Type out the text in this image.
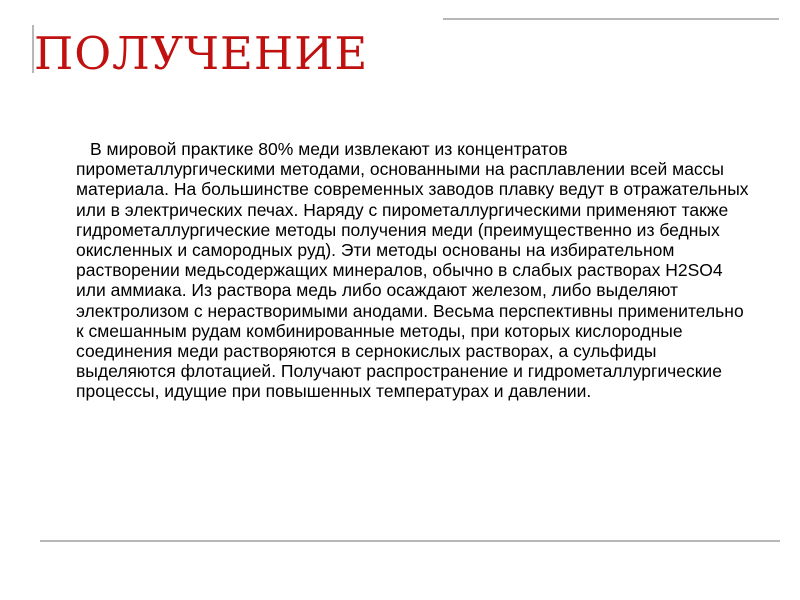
ПОЛУЧЕНИЕ

В мировой практике 80% меди извлекают из концентратов пирометаллургическими методами, основанными на расплавлении всей массы материала. На большинстве современных заводов плавку ведут в отражательных или в электрических печах. Наряду с пирометаллургическими применяют также гидрометаллургические методы получения меди (преимущественно из бедных окисленных и самородных руд). Эти методы основаны на избирательном растворении медьсодержащих минералов, обычно в слабых растворах H2SO4 или аммиака. Из раствора медь либо осаждают железом, либо выделяют электролизом с нерастворимыми анодами. Весьма перспективны применительно к смешанным рудам комбинированные методы, при которых кислородные соединения меди растворяются в сернокислых растворах, а сульфиды выделяются флотацией. Получают распространение и гидрометаллургические процессы, идущие при повышенных температурах и давлении.
